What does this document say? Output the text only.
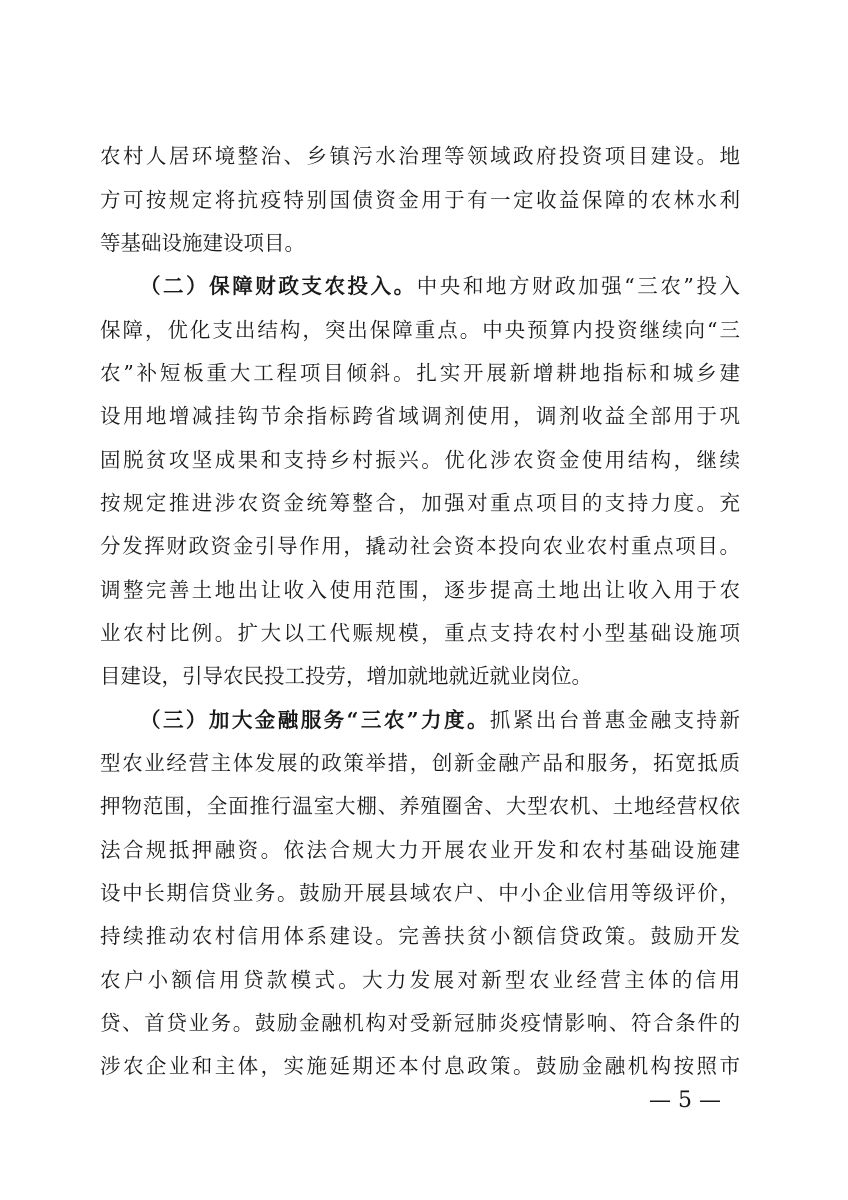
农村人居环境整治、乡镇污水治理等领域政府投资项目建设。地
方可按规定将抗疫特别国债资金用于有一定收益保障的农林水利
等基础设施建设项目。
（二）保障财政支农投入。中央和地方财政加强“三农”投入
保障，优化支出结构，突出保障重点。中央预算内投资继续向“三
农”补短板重大工程项目倾斜。扎实开展新增耕地指标和城乡建
设用地增减挂钩节余指标跨省域调剂使用，调剂收益全部用于巩
固脱贫攻坚成果和支持乡村振兴。优化涉农资金使用结构，继续
按规定推进涉农资金统筹整合，加强对重点项目的支持力度。充
分发挥财政资金引导作用，撬动社会资本投向农业农村重点项目。
调整完善土地出让收入使用范围，逐步提高土地出让收入用于农
业农村比例。扩大以工代赈规模，重点支持农村小型基础设施项
目建设，引导农民投工投劳，增加就地就近就业岗位。
（三）加大金融服务“三农”力度。抓紧出台普惠金融支持新
型农业经营主体发展的政策举措，创新金融产品和服务，拓宽抵质
押物范围，全面推行温室大棚、养殖圈舍、大型农机、土地经营权依
法合规抵押融资。依法合规大力开展农业开发和农村基础设施建
设中长期信贷业务。鼓励开展县域农户、中小企业信用等级评价，
持续推动农村信用体系建设。完善扶贫小额信贷政策。鼓励开发
农户小额信用贷款模式。大力发展对新型农业经营主体的信用
贷、首贷业务。鼓励金融机构对受新冠肺炎疫情影响、符合条件的
涉农企业和主体，实施延期还本付息政策。鼓励金融机构按照市
— 5 —
